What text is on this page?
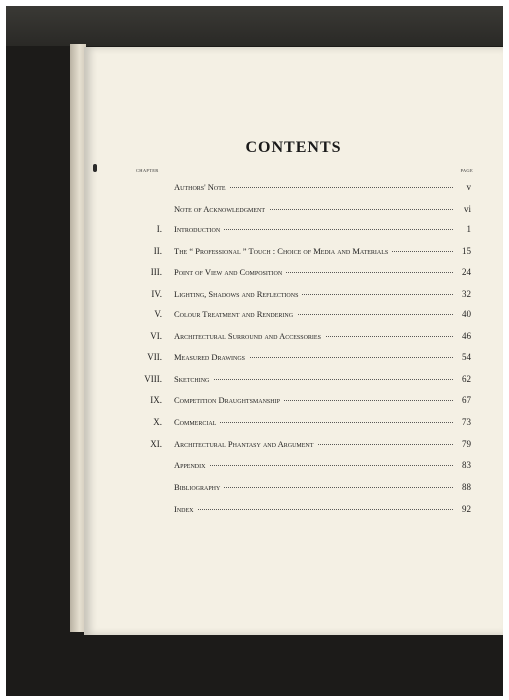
CONTENTS
CHAPTER	PAGE
Authors' Note	v
Note of Acknowledgment	vi
I. Introduction	1
II. The “ Professional ” Touch : Choice of Media and Materials	15
III. Point of View and Composition	24
IV. Lighting, Shadows and Reflections	32
V. Colour Treatment and Rendering	40
VI. Architectural Surround and Accessories	46
VII. Measured Drawings	54
VIII. Sketching	62
IX. Competition Draughtsmanship	67
X. Commercial	73
XI. Architectural Phantasy and Argument	79
Appendix	83
Bibliography	88
Index	92
